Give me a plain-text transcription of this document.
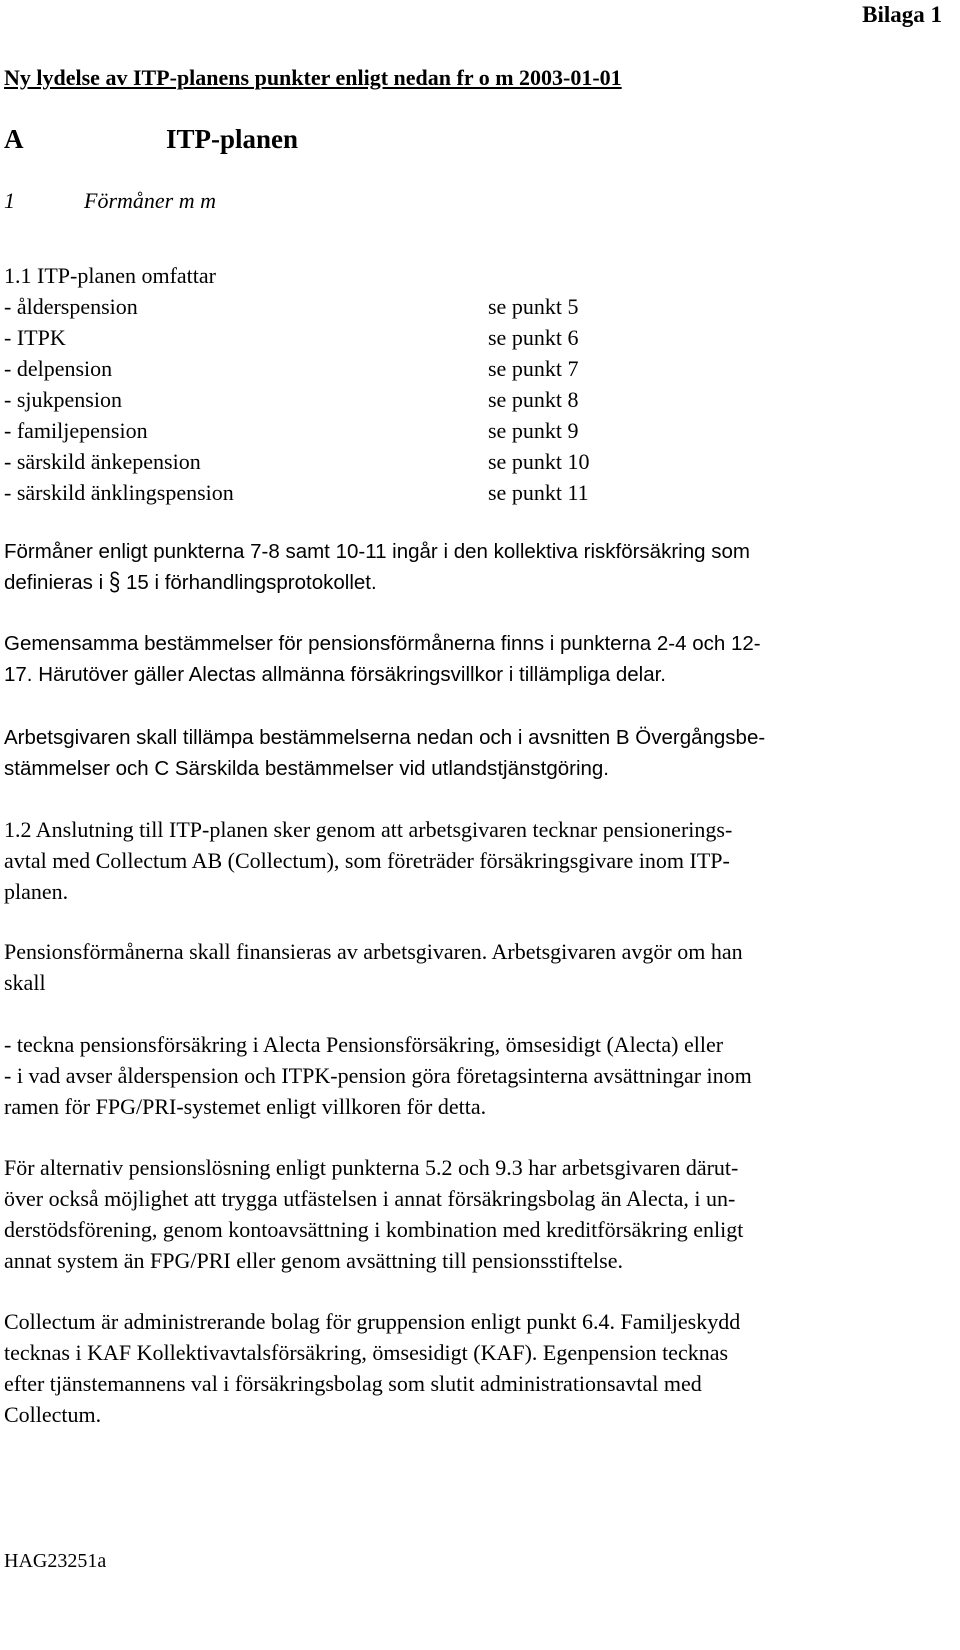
Bilaga 1
Ny lydelse av ITP-planens punkter enligt nedan fr o m 2003-01-01
A	ITP-planen
1	Förmåner m m
1.1 ITP-planen omfattar
- ålderspension	se punkt 5
- ITPK	se punkt 6
- delpension	se punkt 7
- sjukpension	se punkt 8
- familjepension	se punkt 9
- särskild änkepension	se punkt 10
- särskild änklingspension	se punkt 11
Förmåner enligt punkterna 7-8 samt 10-11 ingår i den kollektiva riskförsäkring som
definieras i § 15 i förhandlingsprotokollet.
Gemensamma bestämmelser för pensionsförmånerna finns i punkterna 2-4 och 12-
17. Härutöver gäller Alectas allmänna försäkringsvillkor i tillämpliga delar.
Arbetsgivaren skall tillämpa bestämmelserna nedan och i avsnitten B Övergångsbe-
stämmelser och C Särskilda bestämmelser vid utlandstjänstgöring.
1.2 Anslutning till ITP-planen sker genom att arbetsgivaren tecknar pensionerings-
avtal med Collectum AB (Collectum), som företräder försäkringsgivare inom ITP-
planen.
Pensionsförmånerna skall finansieras av arbetsgivaren. Arbetsgivaren avgör om han
skall
- teckna pensionsförsäkring i Alecta Pensionsförsäkring, ömsesidigt (Alecta) eller
- i vad avser ålderspension och ITPK-pension göra företagsinterna avsättningar inom
ramen för FPG/PRI-systemet enligt villkoren för detta.
För alternativ pensionslösning enligt punkterna 5.2 och 9.3 har arbetsgivaren därut-
över också möjlighet att trygga utfästelsen i annat försäkringsbolag än Alecta, i un-
derstödsförening, genom kontoavsättning i kombination med kreditförsäkring enligt
annat system än FPG/PRI eller genom avsättning till pensionsstiftelse.
Collectum är administrerande bolag för gruppension enligt punkt 6.4. Familjeskydd
tecknas i KAF Kollektivavtalsförsäkring, ömsesidigt (KAF). Egenpension tecknas
efter tjänstemannens val i försäkringsbolag som slutit administrationsavtal med
Collectum.
HAG23251a
